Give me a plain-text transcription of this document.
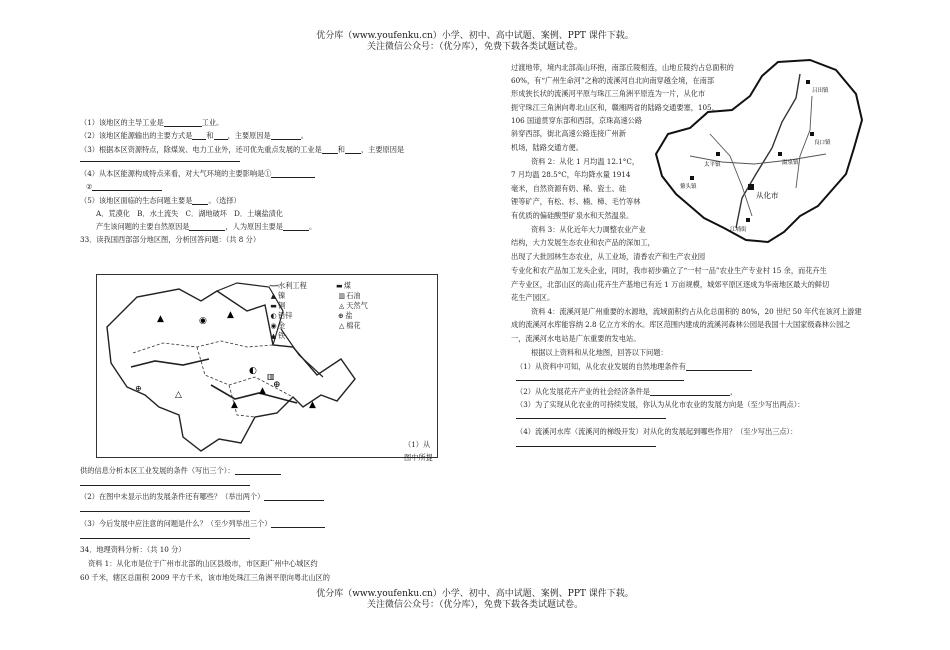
优分库（www.youfenku.cn）小学、初中、高中试题、案例、PPT 课件下载。
关注微信公众号：（优分库），免费下载各类试题试卷。
（1）该地区的主导工业是	工业。
（2）该地区能源输出的主要方式是 和 ，主要原因是	。
（3）根据本区资源特点，除煤炭、电力工业外，还可优先重点发展的工业是 和 ，主要原因是
（4）从本区能源构成特点来看，对大气环境的主要影响是①
②
（5）该地区面临的生态问题主要是 。（选择）
A．荒漠化　B．水土流失　C．湖地破坏　D．土壤盐渍化
产生该问题的主要自然原因是	，人为原因主要是	。
33．读我国西部部分地区图，分析回答问题：（共 8 分）
▲	◉
▲
◐
▲
⊕
▥
▲
△
▲
⊕
⟿水利工程	▬煤
▲ 镍	▥石油
▬铜	◬ 天然气
◐铅锌	⊕ 盐
◉金	△ 棉花
▲ 铁
（1）从
图中所提
供的信息分析本区工业发展的条件（写出三个）：
（2）在图中未显示出的发展条件还有哪些？（举出两个）
（3）今后发展中应注意的问题是什么？（至少列举出三个）
34．地理资料分析：（共 10 分）
资料 1：从化市是位于广州市北部的山区县级市，市区距广州中心城区约
60 千米，辖区总面积 2009 平方千米，该市地处珠江三角洲平原向粤北山区的
过渡地带，境内北部高山环抱，南部丘陵相连，山地丘陵约占总面积的
60%，有“广州生命河”之称的流溪河自北向南穿越全境，在南部
形成狭长状的流溪河平原与珠江三角洲平原连为一片，从化市
扼守珠江三角洲向粤北山区和，赣湘两省的陆路交通要塞，105、
106 国道贯穿东部和西部，京珠高速公路
斜穿西部，街北高速公路连接广州新
机场，陆路交通方便。
资料 2：从化 1 月均温 12.1°C，
7 月均温 28.5°C，年均降水量 1914
毫米，自然资源有奶、稀、瓷土、硅
锂等矿产，有松、杉、楠、樟、毛竹等林
有优质的偏硅酸型矿泉水和天然温泉。
资料 3：从化近年大力调整农业产业
结构，大力发展生态农业和农产品的深加工，
出现了大批园林生态农业，从工业场，清香农产和生产农业园
专业化和农产品加工龙头企业，同时，我市初步确立了“一村一品”农业生产专业村 15 余，而花卉生
产专业区，北部山区的高山花卉生产基地已有近 1 万亩规模，城郊平原区逐成为华南地区最大的鲜切
花生产园区。
资料 4：流溪河是广州重要的水源地，流域面积约占从化总面积的 80%，20 世纪 50 年代在该河上游建
成的流溪河水库能容纳 2.8 亿立方米的水。库区范围内建成的流溪河森林公园是我国十大国家级森林公园之
一，流溪河水电站是广东重要的发电站。
根据以上资料和从化地图，回答以下问题：
（1）从资料中可知，从化农业发展的自然地理条件有
（2）从化发展花卉产业的社会经济条件是	，
（3）为了实现从化农业的可持续发展，你认为从化市农业的发展方向是（至少写出两点）：
（4）流溪河水库（流溪河的梯级开发）对从化的发展起到哪些作用？（至少写出三点）：
吕田镇
良口镇
温泉镇
太平镇
从化市
鳌头镇
江埔街
优分库（www.youfenku.cn）小学、初中、高中试题、案例、PPT 课件下载。
关注微信公众号：（优分库），免费下载各类试题试卷。
